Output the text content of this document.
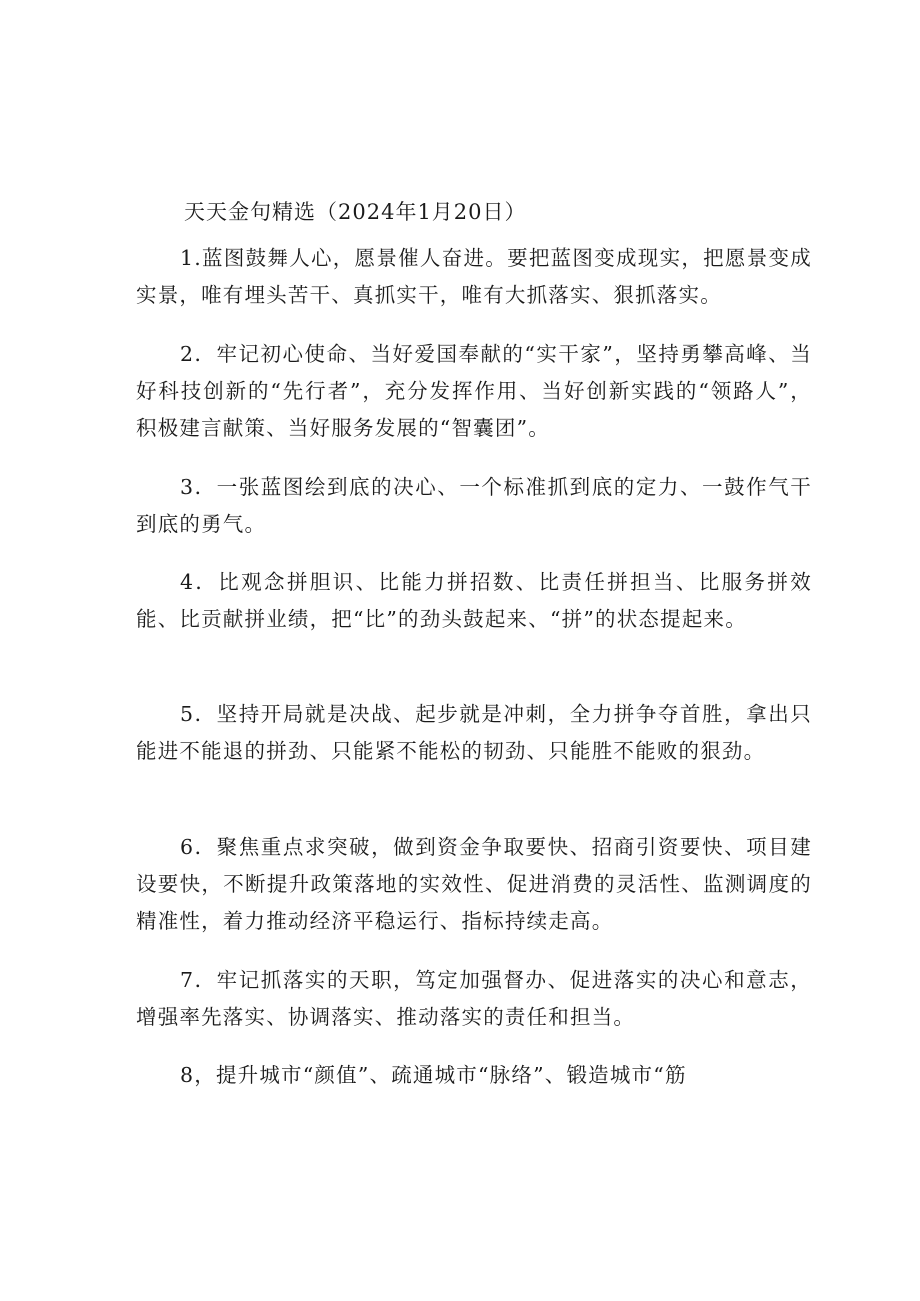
天天金句精选（2024年1月20日）

1.蓝图鼓舞人心，愿景催人奋进。要把蓝图变成现实，把愿景变成实景，唯有埋头苦干、真抓实干，唯有大抓落实、狠抓落实。

2．牢记初心使命、当好爱国奉献的“实干家”，坚持勇攀高峰、当好科技创新的“先行者”，充分发挥作用、当好创新实践的“领路人”，积极建言献策、当好服务发展的“智囊团”。

3．一张蓝图绘到底的决心、一个标准抓到底的定力、一鼓作气干到底的勇气。

4．比观念拼胆识、比能力拼招数、比责任拼担当、比服务拼效能、比贡献拼业绩，把“比”的劲头鼓起来、“拼”的状态提起来。

5．坚持开局就是决战、起步就是冲刺，全力拼争夺首胜，拿出只能进不能退的拼劲、只能紧不能松的韧劲、只能胜不能败的狠劲。

6．聚焦重点求突破，做到资金争取要快、招商引资要快、项目建设要快，不断提升政策落地的实效性、促进消费的灵活性、监测调度的精准性，着力推动经济平稳运行、指标持续走高。

7．牢记抓落实的天职，笃定加强督办、促进落实的决心和意志，增强率先落实、协调落实、推动落实的责任和担当。

8，提升城市“颜值”、疏通城市“脉络”、锻造城市“筋
